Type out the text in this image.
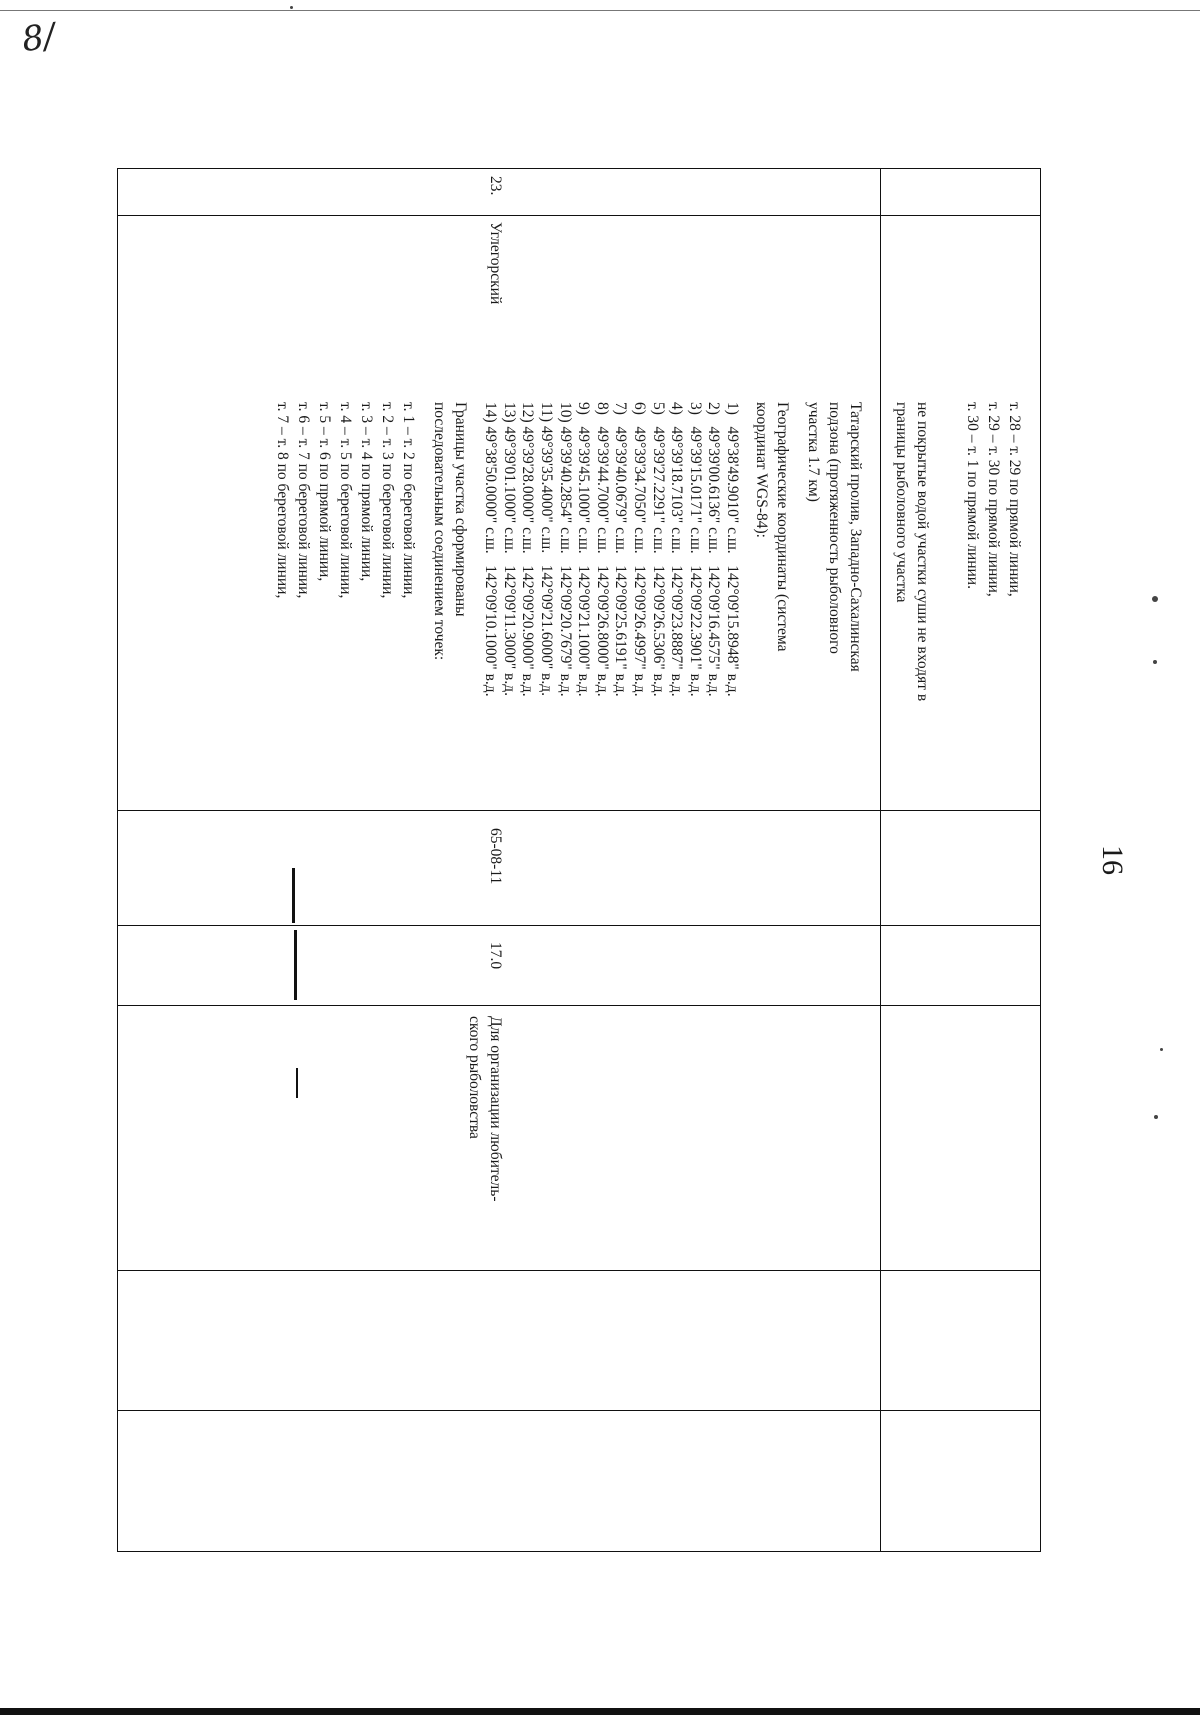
8/
16

т. 28 – т. 29 по прямой линии,

т. 29 – т. 30 по прямой линии,

т. 30 – т. 1 по прямой линии.

не покрытые водой участки суши не входят в

границы рыболовного участка

23.
Углегорский

Татарский пролив, Западно-Сахалинская

подзона (протяженность рыболовного

участка 1.7 км)

Географические координаты (система

координат WGS-84):

1)   49°38'49.9010" с.ш.   142°09'15.8948" в.д.
2)   49°39'00.6136" с.ш.   142°09'16.4575" в.д.
3)   49°39'15.0171" с.ш.   142°09'22.3901" в.д.
4)   49°39'18.7103" с.ш.   142°09'23.8887" в.д.
5)   49°39'27.2291" с.ш.   142°09'26.5306" в.д.
6)   49°39'34.7050" с.ш.   142°09'26.4997" в.д.
7)   49°39'40.0679" с.ш.   142°09'25.6191" в.д.
8)   49°39'44.7000" с.ш.   142°09'26.8000" в.д.
9)   49°39'45.1000" с.ш.   142°09'21.1000" в.д.
10) 49°39'40.2854" с.ш.   142°09'20.7679" в.д.
11) 49°39'35.4000" с.ш.   142°09'21.6000" в.д.
12) 49°39'28.0000" с.ш.   142°09'20.9000" в.д.
13) 49°39'01.1000" с.ш.   142°09'11.3000" в.д.
14) 49°38'50.0000" с.ш.   142°09'10.1000" в.д.

Границы участка сформированы

последовательным соединением точек:

т. 1 – т. 2 по береговой линии,

т. 2 – т. 3 по береговой линии,

т. 3 – т. 4 по прямой линии,

т. 4 – т. 5 по береговой линии,

т. 5 – т. 6 по прямой линии,

т. 6 – т. 7 по береговой линии,

т. 7 – т. 8 по береговой линии,

65-08-11
17.0

Для организации любитель-

ского рыболовства
